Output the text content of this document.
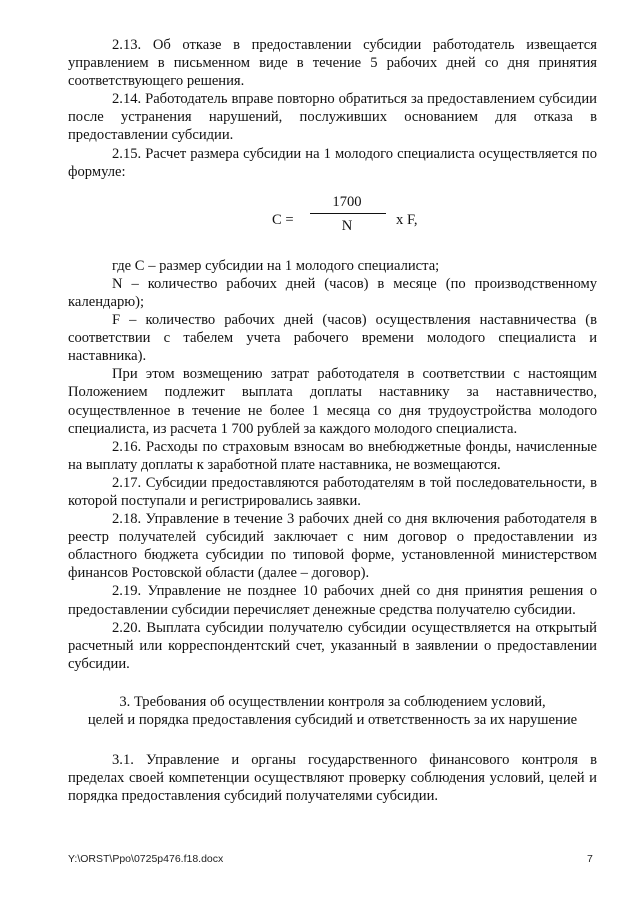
2.13. Об отказе в предоставлении субсидии работодатель извещается управлением в письменном виде в течение 5 рабочих дней со дня принятия соответствующего решения.

2.14. Работодатель вправе повторно обратиться за предоставлением субсидии после устранения нарушений, послуживших основанием для отказа в предоставлении субсидии.

2.15. Расчет размера субсидии на 1 молодого специалиста осуществляется по формуле:

С =
1700
N	х F,

где С – размер субсидии на 1 молодого специалиста;

N – количество рабочих дней (часов) в месяце (по производственному календарю);

F – количество рабочих дней (часов) осуществления наставничества (в соответствии с табелем учета рабочего времени молодого специалиста и наставника).

При этом возмещению затрат работодателя в соответствии с настоящим Положением подлежит выплата доплаты наставнику за наставничество, осуществленное в течение не более 1 месяца со дня трудоустройства молодого специалиста, из расчета 1 700 рублей за каждого молодого специалиста.

2.16. Расходы по страховым взносам во внебюджетные фонды, начисленные на выплату доплаты к заработной плате наставника, не возмещаются.

2.17. Субсидии предоставляются работодателям в той последовательности, в которой поступали и регистрировались заявки.

2.18. Управление в течение 3 рабочих дней со дня включения работодателя в реестр получателей субсидий заключает с ним договор о предоставлении из областного бюджета субсидии по типовой форме, установленной министерством финансов Ростовской области (далее – договор).

2.19. Управление не позднее 10 рабочих дней со дня принятия решения о предоставлении субсидии перечисляет денежные средства получателю субсидии.

2.20. Выплата субсидии получателю субсидии осуществляется на открытый расчетный или корреспондентский счет, указанный в заявлении о предоставлении субсидии.

3. Требования об осуществлении контроля за соблюдением условий,
целей и порядка предоставления субсидий и ответственность за их нарушение

3.1. Управление и органы государственного финансового контроля в пределах своей компетенции осуществляют проверку соблюдения условий, целей и порядка предоставления субсидий получателями субсидии.

Y:\ORST\Ppo\0725p476.f18.docx	7
